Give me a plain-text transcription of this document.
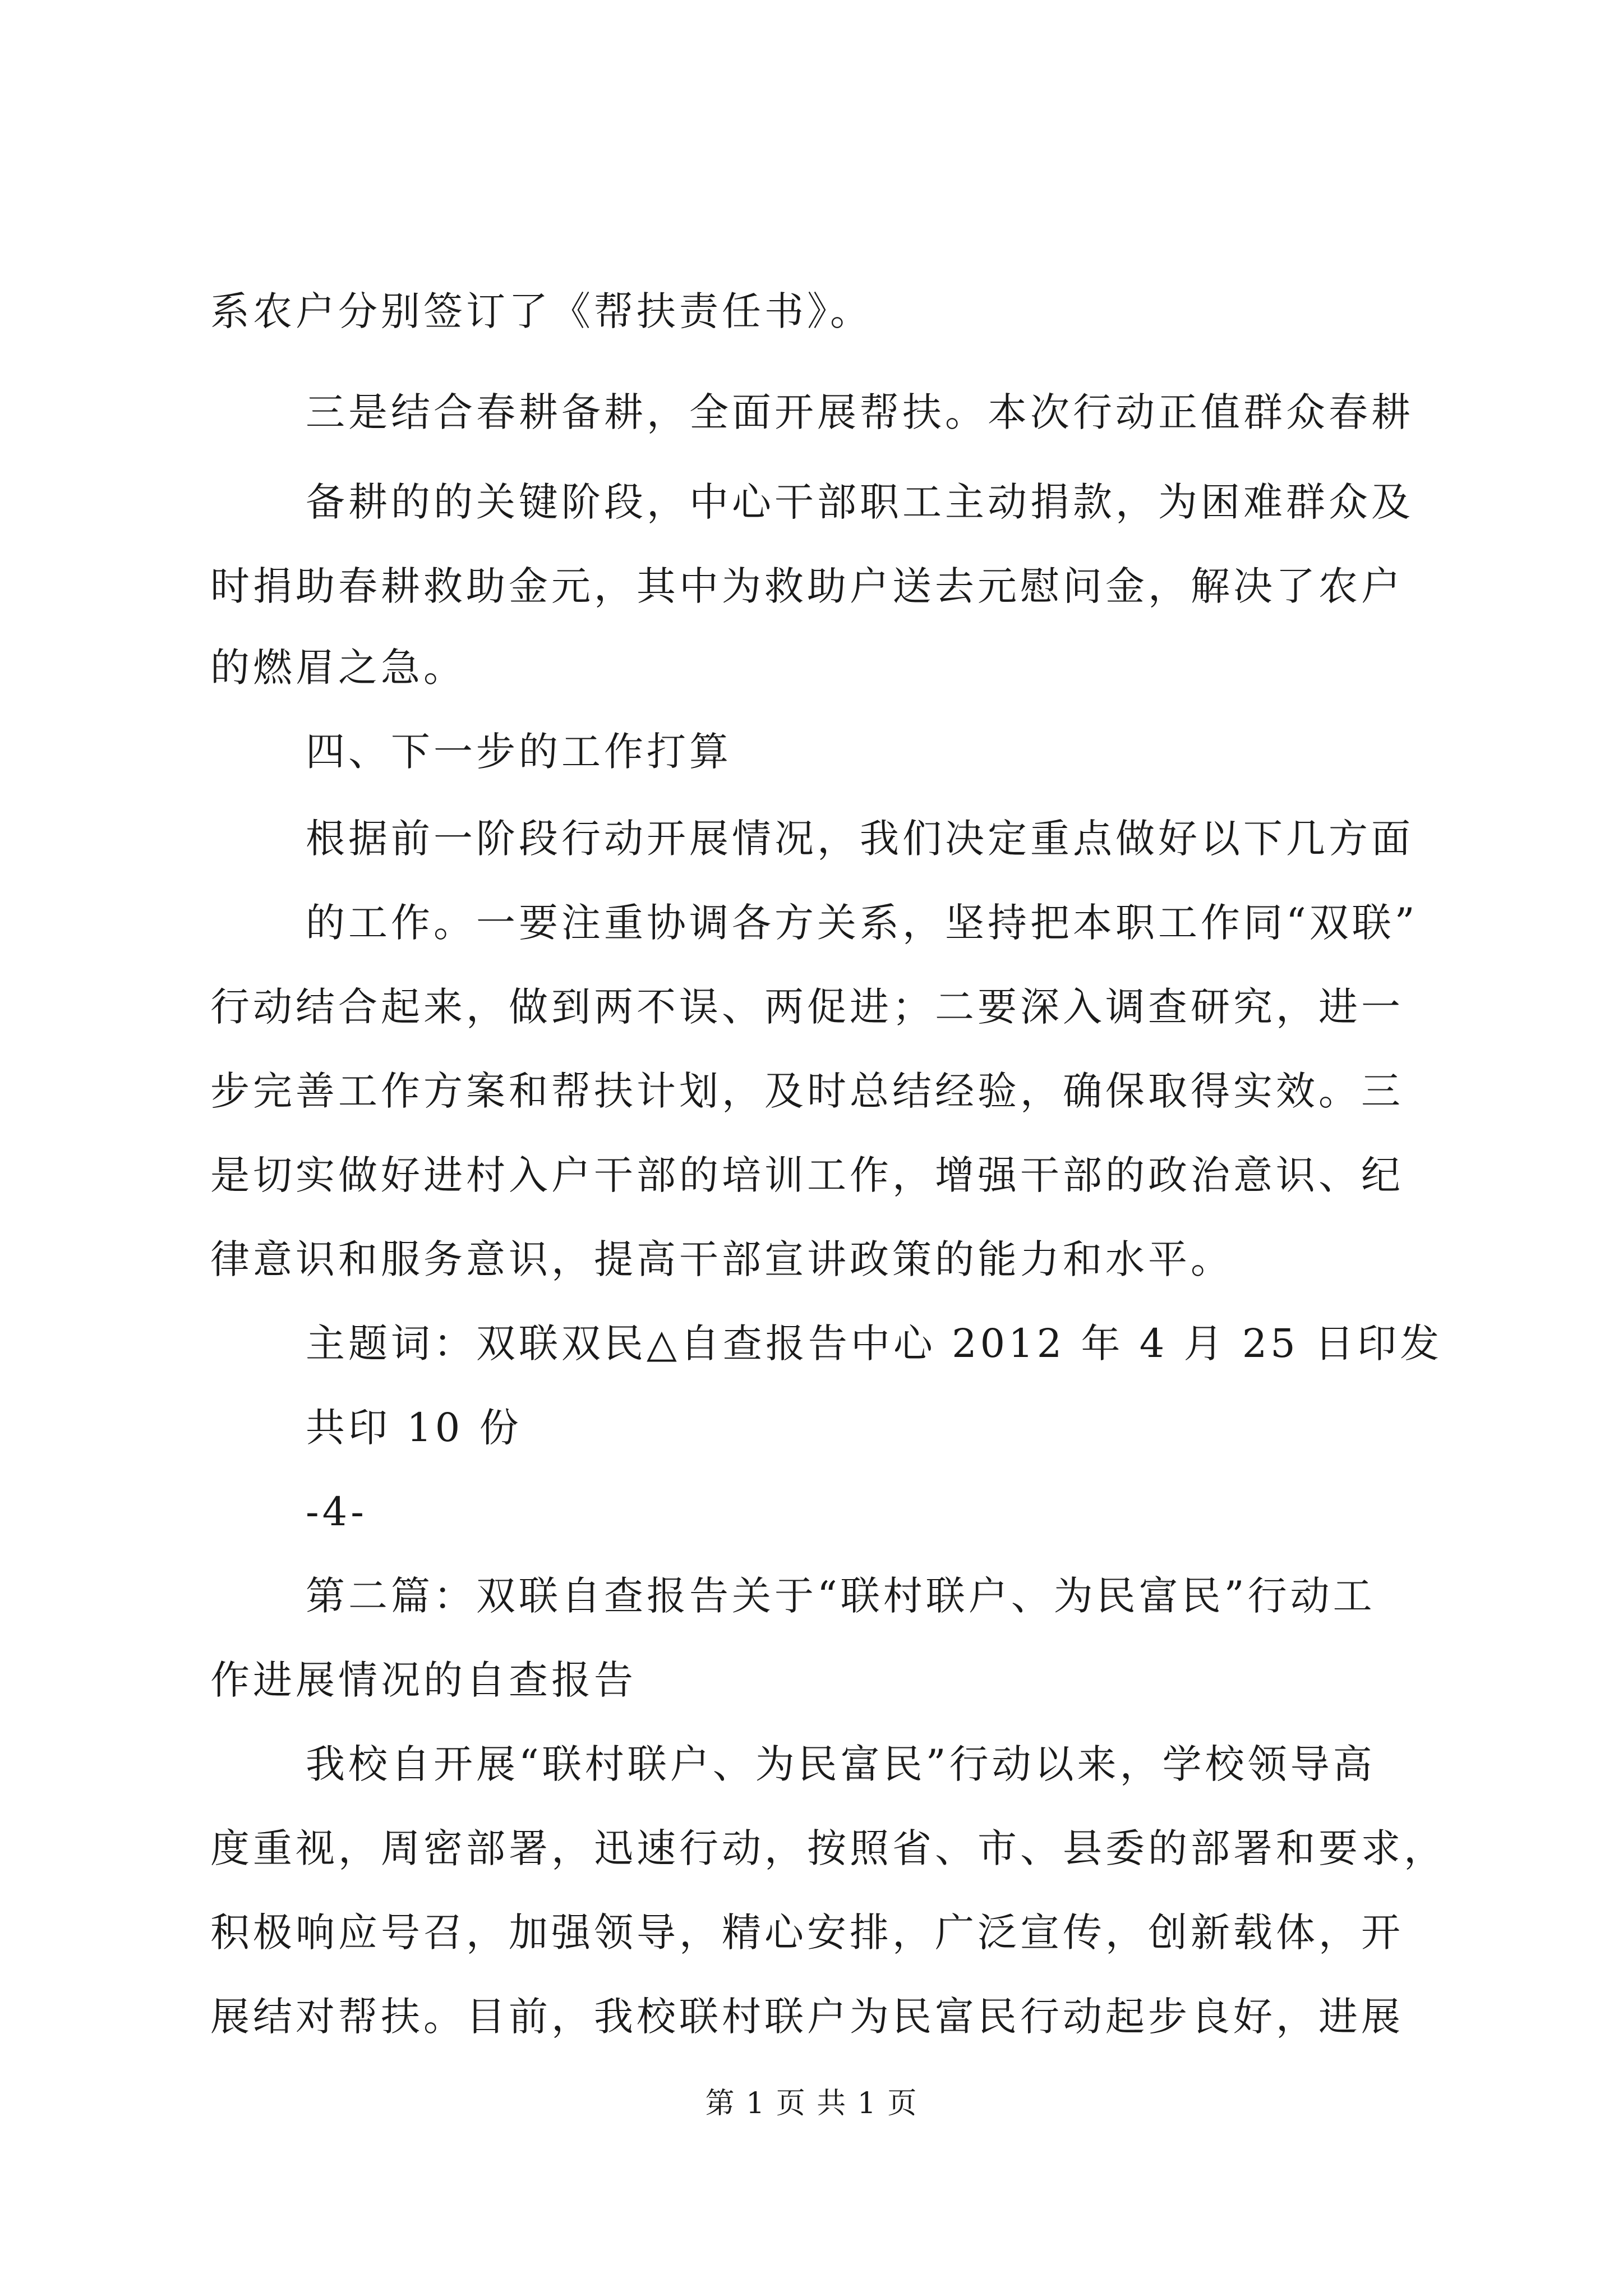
系农户分别签订了《帮扶责任书》。
三是结合春耕备耕，全面开展帮扶。本次行动正值群众春耕
备耕的的关键阶段，中心干部职工主动捐款，为困难群众及
时捐助春耕救助金元，其中为救助户送去元慰问金，解决了农户
的燃眉之急。
四、下一步的工作打算
根据前一阶段行动开展情况，我们决定重点做好以下几方面
的工作。一要注重协调各方关系，坚持把本职工作同“双联”
行动结合起来，做到两不误、两促进；二要深入调查研究，进一
步完善工作方案和帮扶计划，及时总结经验，确保取得实效。三
是切实做好进村入户干部的培训工作，增强干部的政治意识、纪
律意识和服务意识，提高干部宣讲政策的能力和水平。
主题词：双联双民△自查报告中心 2012 年 4 月 25 日印发
共印 10 份
-4-
第二篇：双联自查报告关于“联村联户、为民富民”行动工
作进展情况的自查报告
我校自开展“联村联户、为民富民”行动以来，学校领导高
度重视，周密部署，迅速行动，按照省、市、县委的部署和要求，
积极响应号召，加强领导，精心安排，广泛宣传，创新载体，开
展结对帮扶。目前，我校联村联户为民富民行动起步良好，进展
第 1 页 共 1 页
